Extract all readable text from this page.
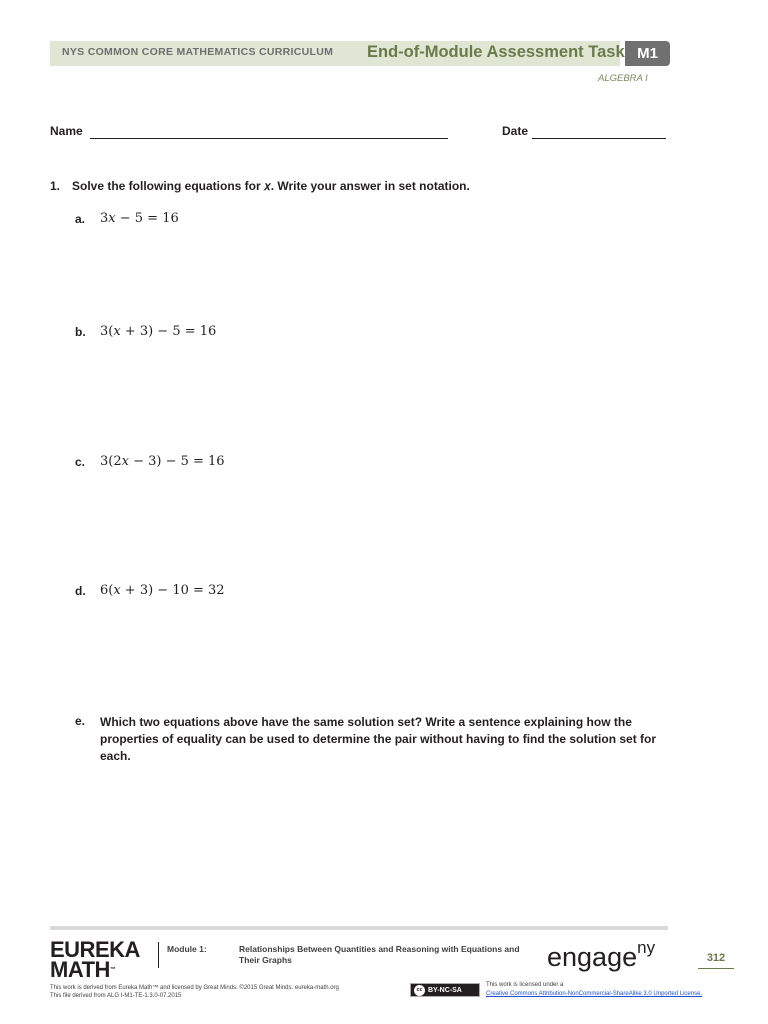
NYS COMMON CORE MATHEMATICS CURRICULUM End-of-Module Assessment Task M1
ALGEBRA I
Name	Date
1. Solve the following equations for 𝑥. Write your answer in set notation.
a. 3𝑥 − 5 = 16
b. 3(𝑥 + 3) − 5 = 16
c. 3(2𝑥 − 3) − 5 = 16
d. 6(𝑥 + 3) − 10 = 32
e. Which two equations above have the same solution set? Write a sentence explaining how the properties of equality can be used to determine the pair without having to find the solution set for each.
EUREKA
MATH™
Module 1:	Relationships Between Quantities and Reasoning with Equations and Their Graphs	engage$^{ny}$
312
This work is derived from Eureka Math™ and licensed by Great Minds. ©2015 Great Minds. eureka-math.org
This file derived from ALG I-M1-TE-1.3.0-07.2015
cc BY-NC-SA
This work is licensed under a
Creative Commons Attribution-NonCommercial-ShareAlike 3.0 Unported License.
